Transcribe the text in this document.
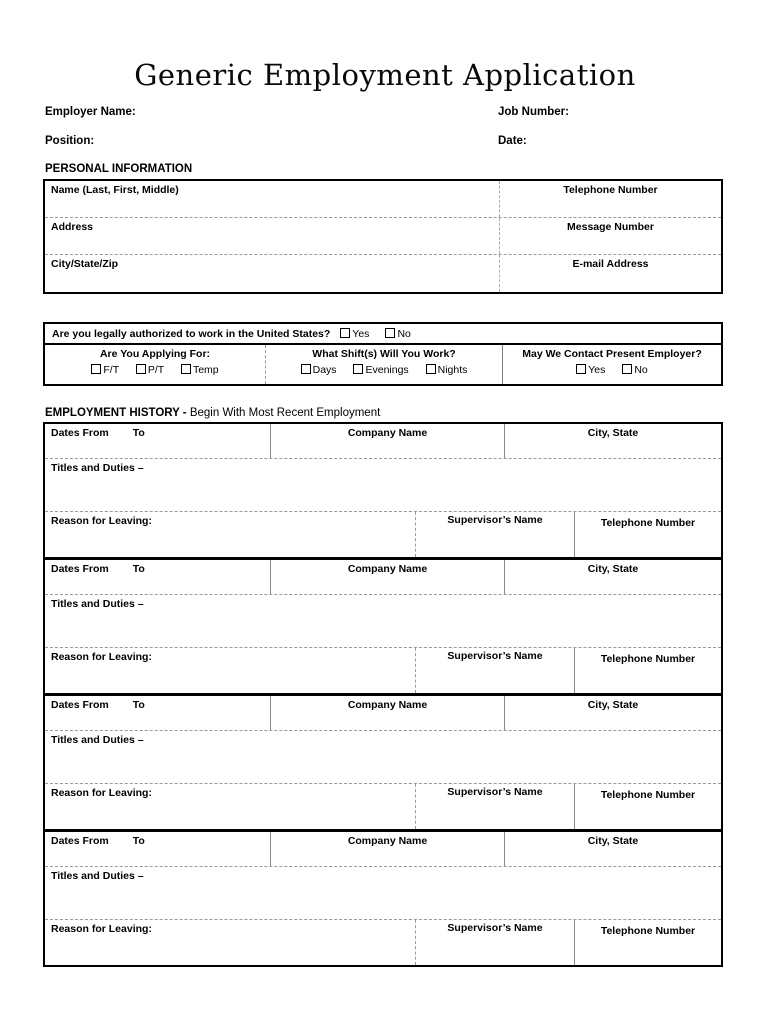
Generic Employment Application
Employer Name:	Job Number:
Position:	Date:
PERSONAL INFORMATION
Name (Last, First, Middle)	Telephone Number
Address	Message Number
City/State/Zip	E-mail Address
Are you legally authorized to work in the United States?	Yes	No
Are You Applying For:
F/T	P/T	Temp
What Shift(s) Will You Work?
Days	Evenings	Nights
May We Contact Present Employer?
Yes	No
EMPLOYMENT HISTORY - Begin With Most Recent Employment
Dates From To	Company Name	City, State
Titles and Duties –
Reason for Leaving:	Supervisor’s Name	Telephone Number
Dates From To	Company Name	City, State
Titles and Duties –
Reason for Leaving:	Supervisor’s Name	Telephone Number
Dates From To	Company Name	City, State
Titles and Duties –
Reason for Leaving:	Supervisor’s Name	Telephone Number
Dates From To	Company Name	City, State
Titles and Duties –
Reason for Leaving:	Supervisor’s Name	Telephone Number
